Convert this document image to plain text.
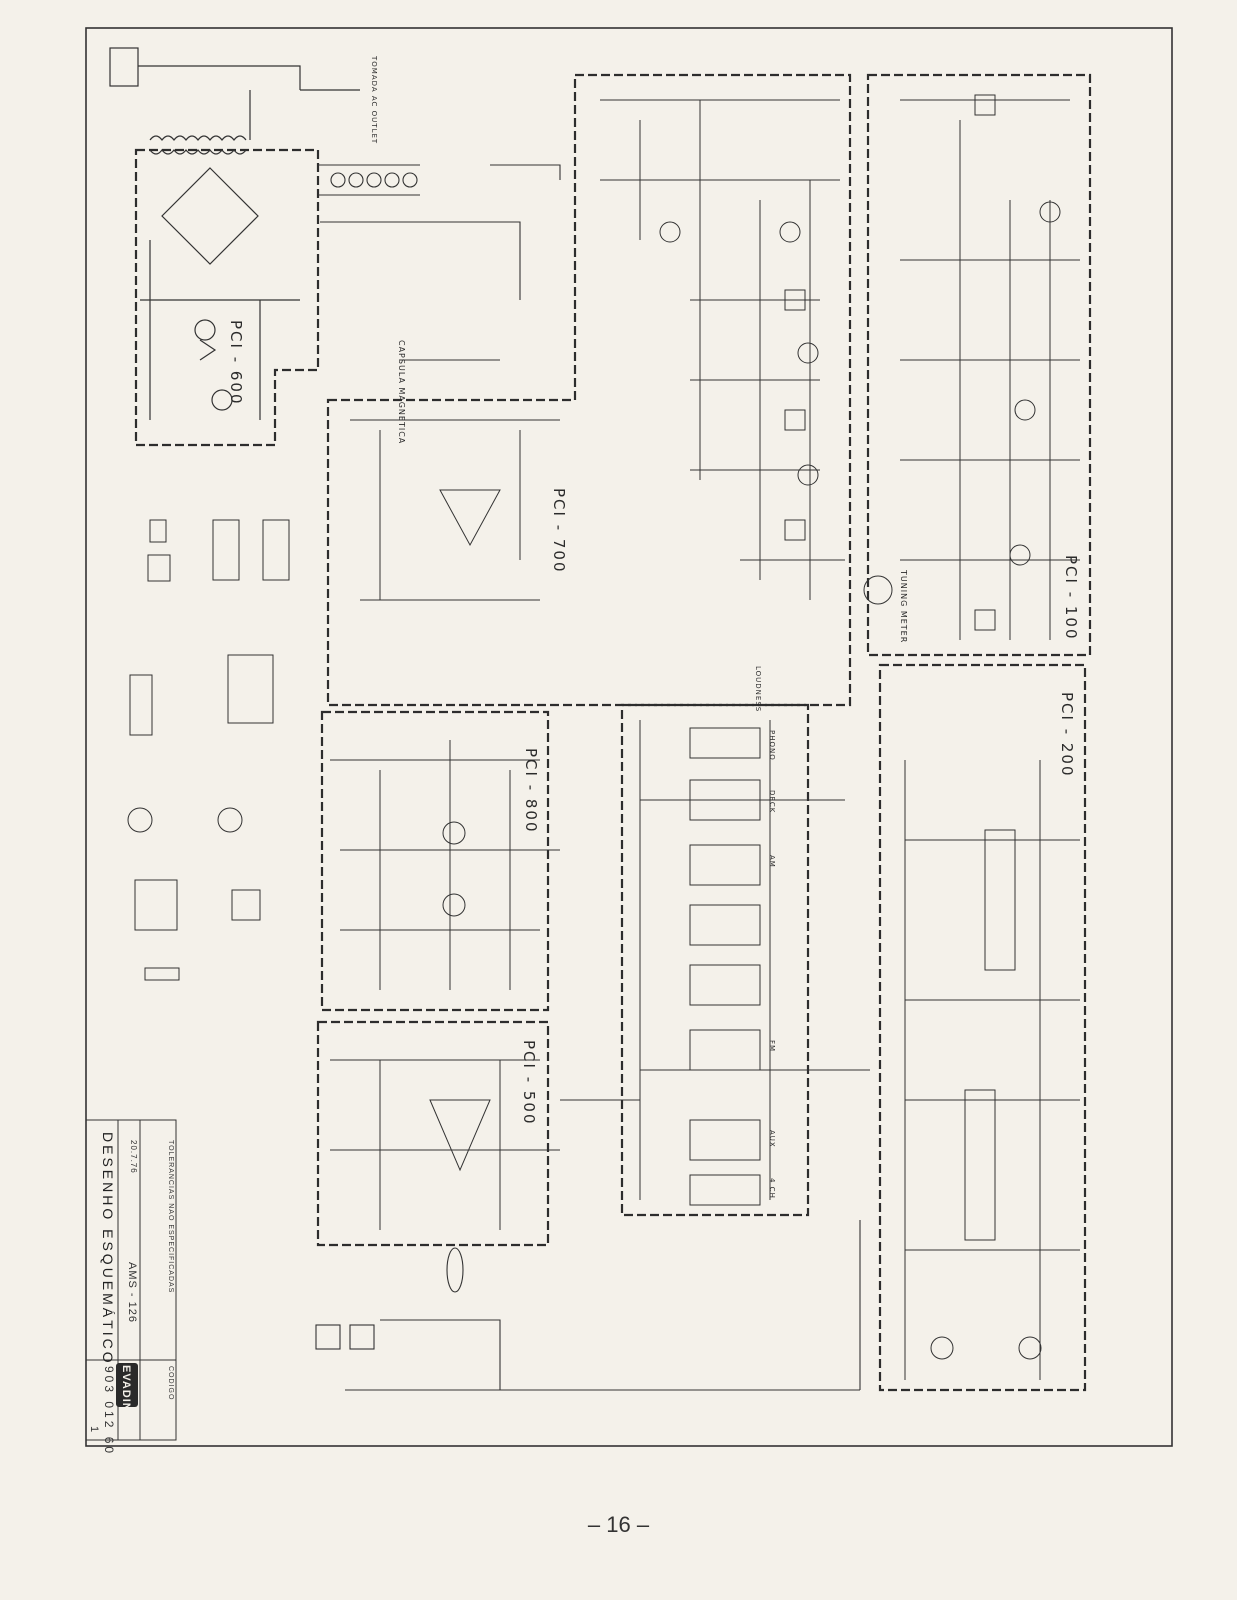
PCI - 600
PCI - 700
PCI - 100
PCI - 800
PCI - 500
PCI - 200
CAPSULA MAGNETICA
TUNING METER
TOMADA AC OUTLET
LOUDNESS
PHONO
DECK
AM
FM
AUX
4 CH
TOLERANCIAS NAO ESPECIFICADAS
AMS - 126
20.7.76
DESENHO ESQUEMÁTICO
EVADIN	CODIGO
903 012 60
1
– 16 –
